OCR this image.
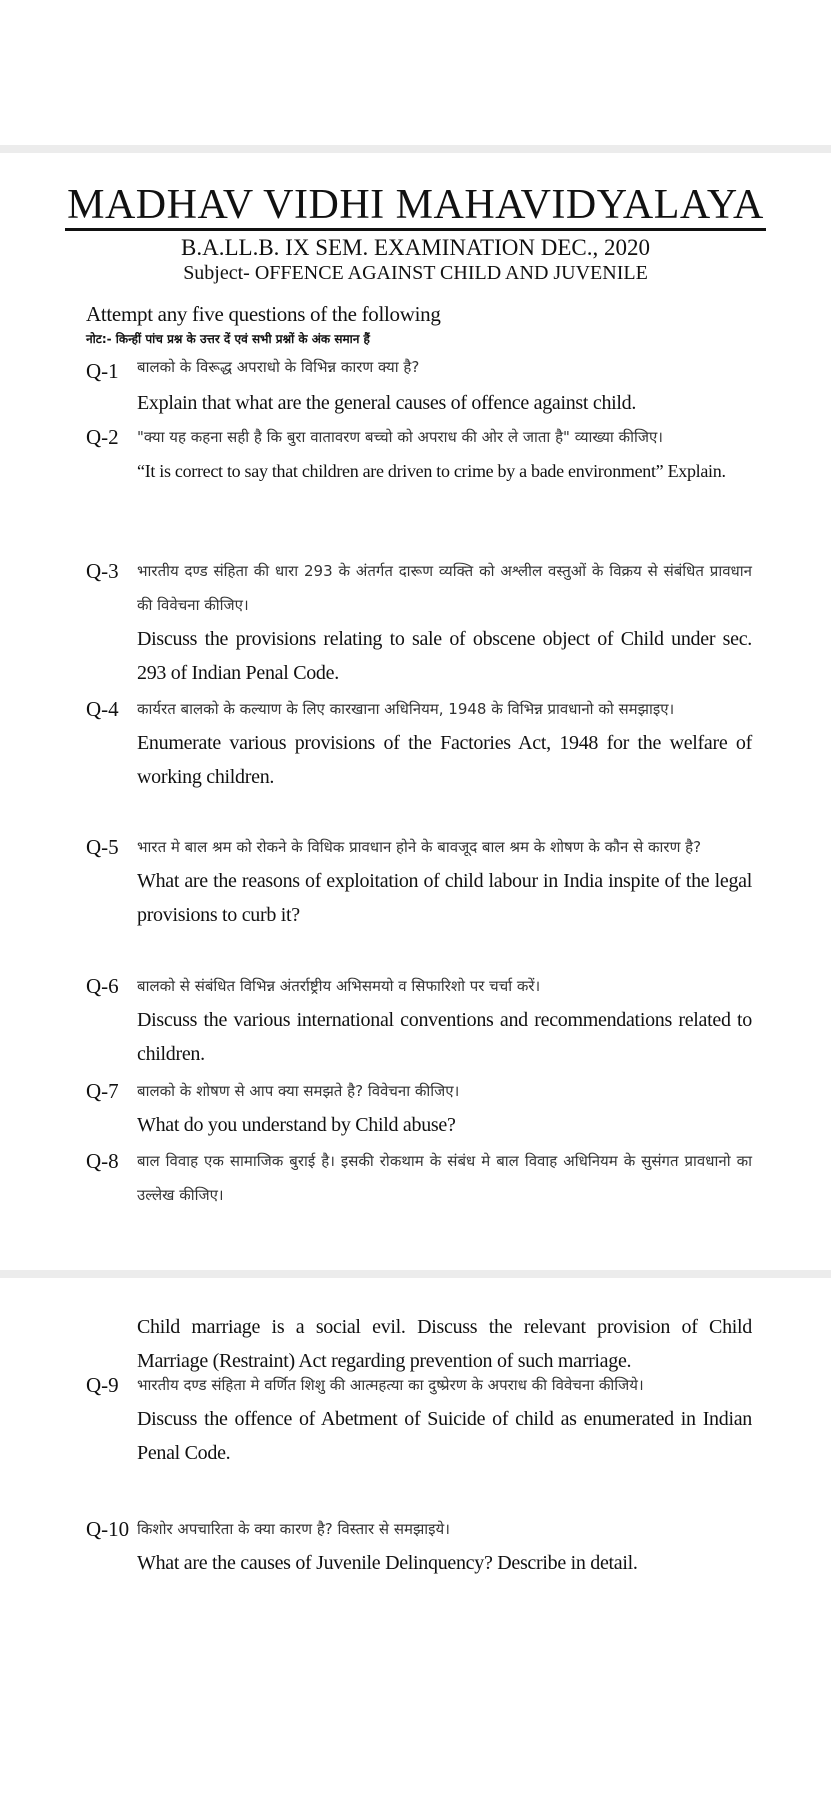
MADHAV VIDHI MAHAVIDYALAYA
B.A.LL.B. IX SEM. EXAMINATION DEC., 2020
Subject- OFFENCE AGAINST CHILD AND JUVENILE
Attempt any five questions of the following
नोट:- किन्हीं पांच प्रश्न के उत्तर दें एवं सभी प्रश्नों के अंक समान हैं
Q-1 बालको के विरूद्ध अपराधो के विभिन्न कारण क्या है?
Explain that what are the general causes of offence against child.
Q-2 "क्या यह कहना सही है कि बुरा वातावरण बच्चो को अपराध की ओर ले जाता है" व्याख्या कीजिए।
“It is correct to say that children are driven to crime by a bade environment” Explain.
Q-3 भारतीय दण्ड संहिता की धारा 293 के अंतर्गत दारूण व्यक्ति को अश्लील वस्तुओं के विक्रय से संबंधित प्रावधान की विवेचना कीजिए।
Discuss the provisions relating to sale of obscene object of Child under sec. 293 of Indian Penal Code.
Q-4 कार्यरत बालको के कल्याण के लिए कारखाना अधिनियम, 1948 के विभिन्न प्रावधानो को समझाइए।
Enumerate various provisions of the Factories Act, 1948 for the welfare of working children.
Q-5 भारत मे बाल श्रम को रोकने के विधिक प्रावधान होने के बावजूद बाल श्रम के शोषण के कौन से कारण है?
What are the reasons of exploitation of child labour in India inspite of the legal provisions to curb it?
Q-6 बालको से संबंधित विभिन्न अंतर्राष्ट्रीय अभिसमयो व सिफारिशो पर चर्चा करें।
Discuss the various international conventions and recommendations related to children.
Q-7 बालको के शोषण से आप क्या समझते है? विवेचना कीजिए।
What do you understand by Child abuse?
Q-8 बाल विवाह एक सामाजिक बुराई है। इसकी रोकथाम के संबंध मे बाल विवाह अधिनियम के सुसंगत प्रावधानो का उल्लेख कीजिए।
Child marriage is a social evil. Discuss the relevant provision of Child Marriage (Restraint) Act regarding prevention of such marriage.
Q-9 भारतीय दण्ड संहिता मे वर्णित शिशु की आत्महत्या का दुष्प्रेरण के अपराध की विवेचना कीजिये।
Discuss the offence of Abetment of Suicide of child as enumerated in Indian Penal Code.
Q-10 किशोर अपचारिता के क्या कारण है? विस्तार से समझाइये।
What are the causes of Juvenile Delinquency? Describe in detail.
